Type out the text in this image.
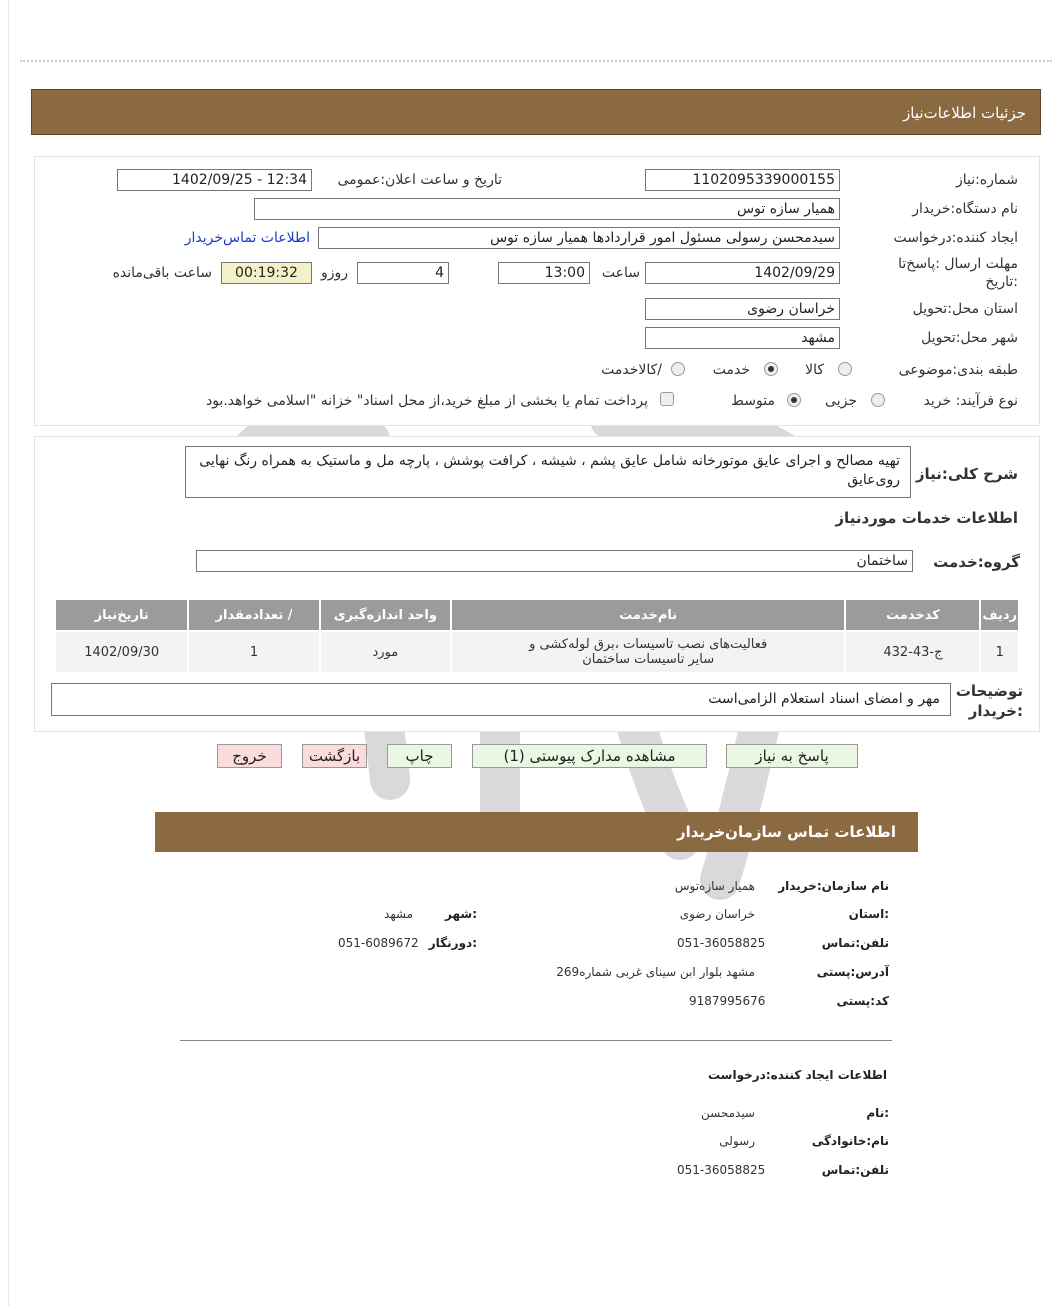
جزئیات اطلاعات‌نیاز
شماره:نیاز
1102095339000155
تاریخ و ساعت اعلان:عمومی
1402/09/25 - 12:34
نام دستگاه:خریدار
همیار سازه توس
ایجاد کننده:درخواست
سیدمحسن رسولی مسئول امور قراردادها همیار سازه توس
اطلاعات تماس‌خریدار
مهلت ارسال :پاسخ‌تا
:تاریخ
1402/09/29
ساعت
13:00
4
روزو
00:19:32
ساعت باقی‌مانده
استان محل:تحویل
خراسان رضوی
شهر محل:تحویل
مشهد
طبقه بندی:موضوعی
کالا
خدمت
/کالاخدمت
نوع فرآیند: خرید
جزیی
متوسط
پرداخت تمام یا بخشی از مبلغ خرید،از محل اسناد" خزانه "اسلامی خواهد.بود
شرح کلی:نیاز
تهیه مصالح و اجرای عایق موتورخانه شامل عایق پشم ، شیشه ، کرافت پوشش ، پارچه مل و ماستیک به همراه رنگ نهایی روی‌عایق
اطلاعات خدمات موردنیاز
گروه:خدمت
ساختمان
ردیف	کدخدمت	نام‌خدمت	واحد اندازه‌گیری	/ تعدادمقدار	تاریخ‌نیاز
1	ج-43-432	فعالیت‌های نصب تاسیسات ،برق لوله‌کشی و سایر تاسیسات ساختمان	مورد	1	1402/09/30
توضیحات
:خریدار
مهر و امضای اسناد استعلام الزامی‌است
پاسخ به نیاز
مشاهده مدارک پیوستی (1)
چاپ
بازگشت
خروج
اطلاعات تماس سازمان‌خریدار
نام سازمان:خریدار
همیار سازه‌توس
:استان
خراسان رضوی
:شهر
مشهد
تلفن:تماس
051-36058825
:دورنگار
051-6089672
آدرس:پستی
مشهد بلوار ابن سینای غربی شماره269
کد:پستی
9187995676
اطلاعات ایجاد کننده:درخواست
:نام
سیدمحسن
نام:خانوادگی
رسولی
تلفن:تماس
051-36058825
